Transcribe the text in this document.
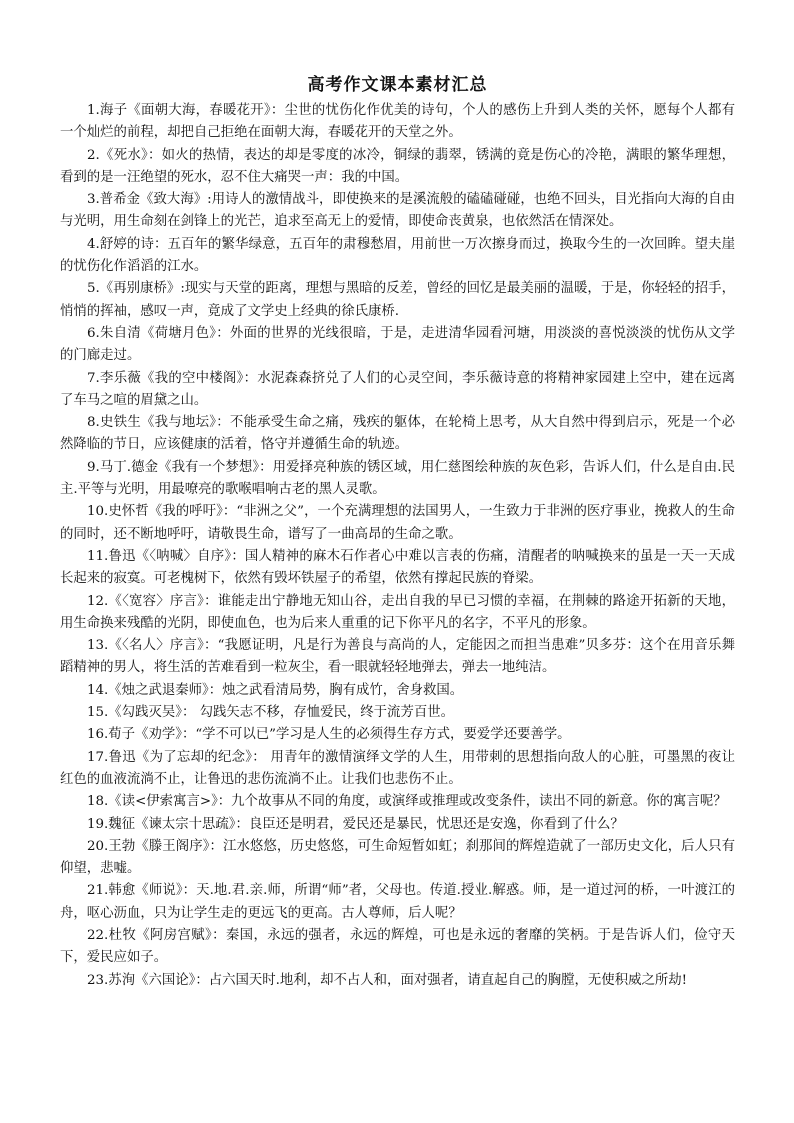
高考作文课本素材汇总

1.海子《面朝大海，春暖花开》：尘世的忧伤化作优美的诗句，个人的感伤上升到人类的关怀，愿每个人都有一个灿烂的前程，却把自己拒绝在面朝大海，春暖花开的天堂之外。

2.《死水》：如火的热情，表达的却是零度的冰冷，铜绿的翡翠，锈满的竟是伤心的冷艳，满眼的繁华理想，看到的是一汪绝望的死水，忍不住大痛哭一声：我的中国。

3.普希金《致大海》:用诗人的激情战斗，即使换来的是溪流般的磕磕碰碰，也绝不回头，目光指向大海的自由与光明，用生命刻在剑锋上的光芒，追求至高无上的爱情，即使命丧黄泉，也依然活在情深处。

4.舒婷的诗：五百年的繁华绿意，五百年的肃穆愁眉，用前世一万次擦身而过，换取今生的一次回眸。望夫崖的忧伤化作滔滔的江水。

5.《再别康桥》:现实与天堂的距离，理想与黑暗的反差，曾经的回忆是最美丽的温暖，于是，你轻轻的招手，悄悄的挥袖，感叹一声，竟成了文学史上经典的徐氏康桥.

6.朱自清《荷塘月色》：外面的世界的光线很暗，于是，走进清华园看河塘，用淡淡的喜悦淡淡的忧伤从文学的门廊走过。

7.李乐薇《我的空中楼阁》：水泥森森挤兑了人们的心灵空间，李乐薇诗意的将精神家园建上空中，建在远离了车马之喧的眉黛之山。

8.史铁生《我与地坛》：不能承受生命之痛，残疾的躯体，在轮椅上思考，从大自然中得到启示，死是一个必然降临的节日，应该健康的活着，恪守并遵循生命的轨迹。

9.马丁.德金《我有一个梦想》：用爱择亮种族的锈区域，用仁慈图绘种族的灰色彩，告诉人们，什么是自由.民主.平等与光明，用最嘹亮的歌喉唱响古老的黑人灵歌。

10.史怀哲《我的呼吁》：“非洲之父”，一个充满理想的法国男人，一生致力于非洲的医疗事业，挽救人的生命的同时，还不断地呼吁，请敬畏生命，谱写了一曲高昂的生命之歌。

11.鲁迅《〈呐喊〉自序》：国人精神的麻木石作者心中难以言表的伤痛，清醒者的呐喊换来的虽是一天一天成长起来的寂寞。可老槐树下，依然有毁坏铁屋子的希望，依然有撑起民族的脊梁。

12.《〈宽容〉序言》：谁能走出宁静地无知山谷，走出自我的早已习惯的幸福，在荆棘的路途开拓新的天地，用生命换来残酷的光阴，即使血色，也为后来人重重的记下你平凡的名字，不平凡的形象。

13.《〈名人〉序言》：“我愿证明，凡是行为善良与高尚的人，定能因之而担当患难”贝多芬：这个在用音乐舞蹈精神的男人，将生活的苦难看到一粒灰尘，看一眼就轻轻地弹去，弹去一地纯洁。

14.《烛之武退秦师》：烛之武看清局势，胸有成竹，舍身救国。

15.《勾践灭吴》： 勾践矢志不移，存恤爱民，终于流芳百世。

16.荀子《劝学》：“学不可以已”学习是人生的必须得生存方式，要爱学还要善学。

17.鲁迅《为了忘却的纪念》： 用青年的激情演绎文学的人生，用带刺的思想指向敌人的心脏，可墨黑的夜让红色的血液流淌不止，让鲁迅的悲伤流淌不止。让我们也悲伤不止。

18.《读<伊索寓言>》：九个故事从不同的角度，或演绎或推理或改变条件，读出不同的新意。你的寓言呢？

19.魏征《谏太宗十思疏》：良臣还是明君，爱民还是暴民，忧思还是安逸，你看到了什么？

20.王勃《滕王阁序》：江水悠悠，历史悠悠，可生命短暂如虹；刹那间的辉煌造就了一部历史文化，后人只有仰望，悲嘘。

21.韩愈《师说》：天.地.君.亲.师，所谓“师”者，父母也。传道.授业.解惑。师，是一道过河的桥，一叶渡江的舟，呕心沥血，只为让学生走的更远飞的更高。古人尊师，后人呢？

22.杜牧《阿房宫赋》：秦国，永远的强者，永远的辉煌，可也是永远的奢靡的笑柄。于是告诉人们，俭守天下，爱民应如子。

23.苏洵《六国论》：占六国天时.地利，却不占人和，面对强者，请直起自己的胸膛，无使积威之所劫!
